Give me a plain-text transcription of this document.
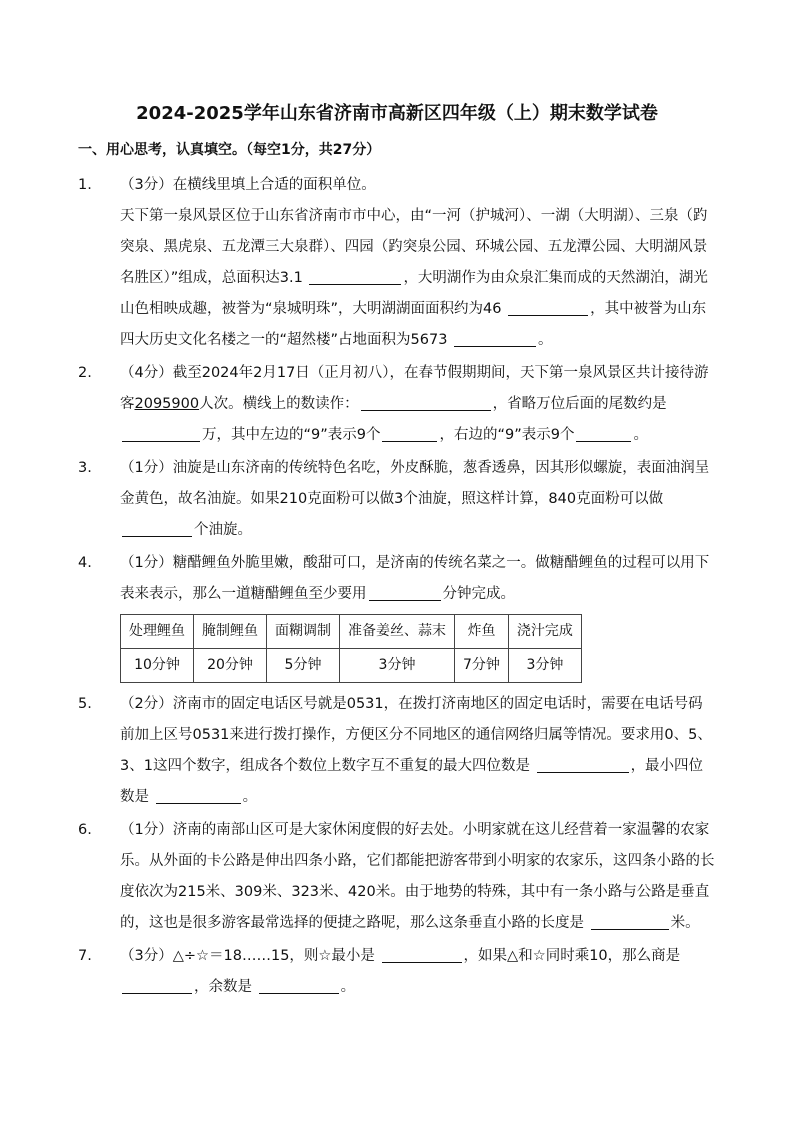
2024-2025学年山东省济南市高新区四年级（上）期末数学试卷
一、用心思考，认真填空。（每空1分，共27分）
1. （3分）在横线里填上合适的面积单位。
天下第一泉风景区位于山东省济南市市中心，由“一河（护城河）、一湖（大明湖）、三泉（趵突泉、黑虎泉、五龙潭三大泉群）、四园（趵突泉公园、环城公园、五龙潭公园、大明湖风景名胜区）”组成，总面积达3.1	，大明湖作为由众泉汇集而成的天然湖泊，湖光山色相映成趣，被誉为“泉城明珠”，大明湖湖面面积约为46	，其中被誉为山东四大历史文化名楼之一的“超然楼”占地面积为5673	。
2. （4分）截至2024年2月17日（正月初八），在春节假期期间，天下第一泉风景区共计接待游客2095900人次。横线上的数读作：	，省略万位后面的尾数约是万，其中左边的“9”表示9个	，右边的“9”表示9个	。
3. （1分）油旋是山东济南的传统特色名吃，外皮酥脆，葱香透鼻，因其形似螺旋，表面油润呈金黄色，故名油旋。如果210克面粉可以做3个油旋，照这样计算，840克面粉可以做个油旋。
4. （1分）糖醋鲤鱼外脆里嫩，酸甜可口，是济南的传统名菜之一。做糖醋鲤鱼的过程可以用下表来表示，那么一道糖醋鲤鱼至少要用	分钟完成。
处理鲤鱼	腌制鲤鱼	面糊调制	准备姜丝、蒜末	炸鱼	浇汁完成
10分钟	20分钟	5分钟	3分钟	7分钟	3分钟
5. （2分）济南市的固定电话区号就是0531，在拨打济南地区的固定电话时，需要在电话号码前加上区号0531来进行拨打操作，方便区分不同地区的通信网络归属等情况。要求用0、5、3、1这四个数字，组成各个数位上数字互不重复的最大四位数是	，最小四位数是	。
6. （1分）济南的南部山区可是大家休闲度假的好去处。小明家就在这儿经营着一家温馨的农家乐。从外面的卡公路是伸出四条小路，它们都能把游客带到小明家的农家乐，这四条小路的长度依次为215米、309米、323米、420米。由于地势的特殊，其中有一条小路与公路是垂直的，这也是很多游客最常选择的便捷之路呢，那么这条垂直小路的长度是	米。
7. （3分）△÷☆＝18……15，则☆最小是	，如果△和☆同时乘10，那么商是 ，余数是	。
